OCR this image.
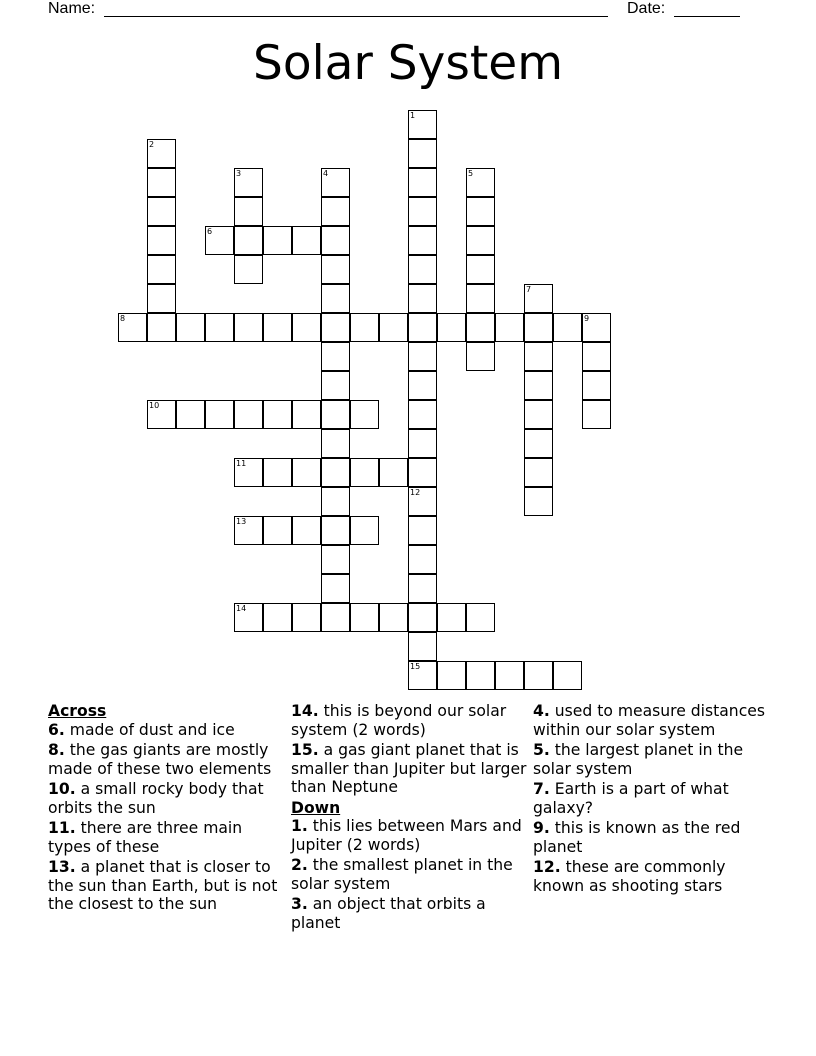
Name:	Date:
Solar System
1
2
3	4	5
6
7
8	9
10
11
12
13
14
15
Across
6. made of dust and ice
8. the gas giants are mostly made of these two elements
10. a small rocky body that orbits the sun
11. there are three main types of these
13. a planet that is closer to the sun than Earth, but is not the closest to the sun
14. this is beyond our solar system (2 words)
15. a gas giant planet that is smaller than Jupiter but larger than Neptune
Down
1. this lies between Mars and Jupiter (2 words)
2. the smallest planet in the solar system
3. an object that orbits a planet
4. used to measure distances within our solar system
5. the largest planet in the solar system
7. Earth is a part of what galaxy?
9. this is known as the red planet
12. these are commonly known as shooting stars
